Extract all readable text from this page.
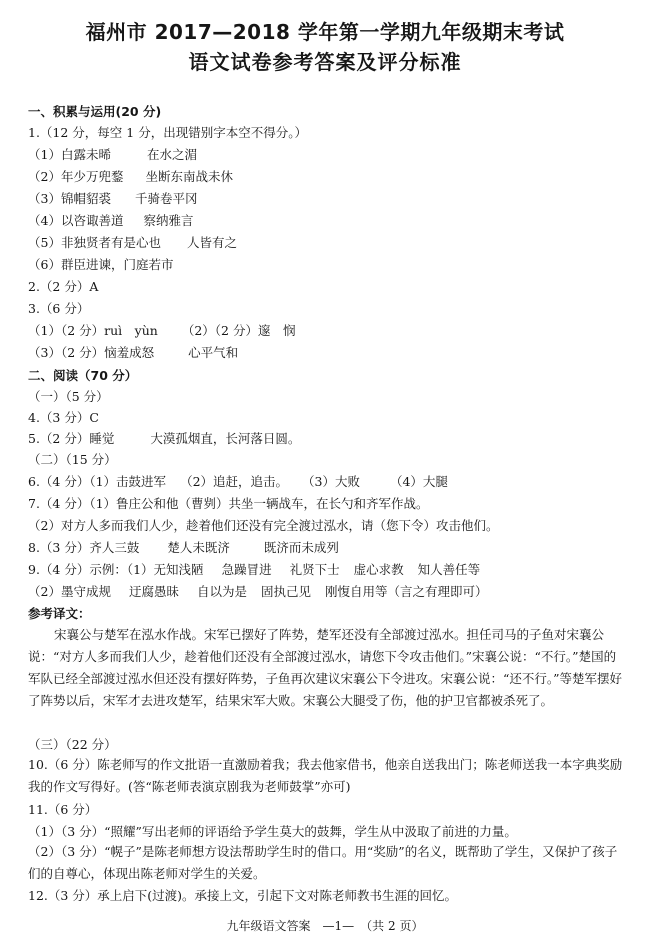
福州市 2017—2018 学年第一学期九年级期末考试
语文试卷参考答案及评分标准
一、积累与运用(20 分)
1.（12 分，每空 1 分，出现错别字本空不得分。）
（1）白露未晞	在水之湄
（2）年少万兜鍪 坐断东南战未休
（3）锦帽貂裘 千骑卷平冈
（4）以咨诹善道 察纳雅言
（5）非独贤者有是心也 人皆有之
（6）群臣进谏，门庭若市
2.（2 分）A
3.（6 分）
（1）（2 分）ruì　yùn （2）（2 分）邃　悯
（3）（2 分）恼羞成怒	心平气和
二、阅读（70 分）
（一）（5 分）
4.（3 分）C
5.（2 分）睡觉	大漠孤烟直，长河落日圆。
（二）（15 分）
6.（4 分）（1）击鼓进军 （2）追赶，追击。 （3）大败 （4）大腿
7.（4 分）（1）鲁庄公和他（曹刿）共坐一辆战车，在长勺和齐军作战。
（2）对方人多而我们人少，趁着他们还没有完全渡过泓水，请（您下令）攻击他们。
8.（3 分）齐人三鼓 楚人未既济	既济而未成列
9.（4 分）示例：（1）无知浅陋 急躁冒进 礼贤下士 虚心求教 知人善任等
（2）墨守成规 迂腐愚昧 自以为是 固执己见 刚愎自用等（言之有理即可）
参考译文：
宋襄公与楚军在泓水作战。宋军已摆好了阵势，楚军还没有全部渡过泓水。担任司马的子鱼对宋襄公说：“对方人多而我们人少，趁着他们还没有全部渡过泓水，请您下令攻击他们。”宋襄公说：“不行。”楚国的军队已经全部渡过泓水但还没有摆好阵势，子鱼再次建议宋襄公下令进攻。宋襄公说：“还不行。”等楚军摆好了阵势以后，宋军才去进攻楚军，结果宋军大败。宋襄公大腿受了伤，他的护卫官都被杀死了。
（三）（22 分）
10.（6 分）陈老师写的作文批语一直激励着我；我去他家借书，他亲自送我出门；陈老师送我一本字典奖励我的作文写得好。(答“陈老师表演京剧我为老师鼓掌”亦可)
11.（6 分）
（1）（3 分）“照耀”写出老师的评语给予学生莫大的鼓舞，学生从中汲取了前进的力量。
（2）（3 分）“幌子”是陈老师想方设法帮助学生时的借口。用“奖励”的名义，既帮助了学生，又保护了孩子们的自尊心，体现出陈老师对学生的关爱。
12.（3 分）承上启下(过渡)。承接上文，引起下文对陈老师教书生涯的回忆。
九年级语文答案　—1—　（共 2 页）
